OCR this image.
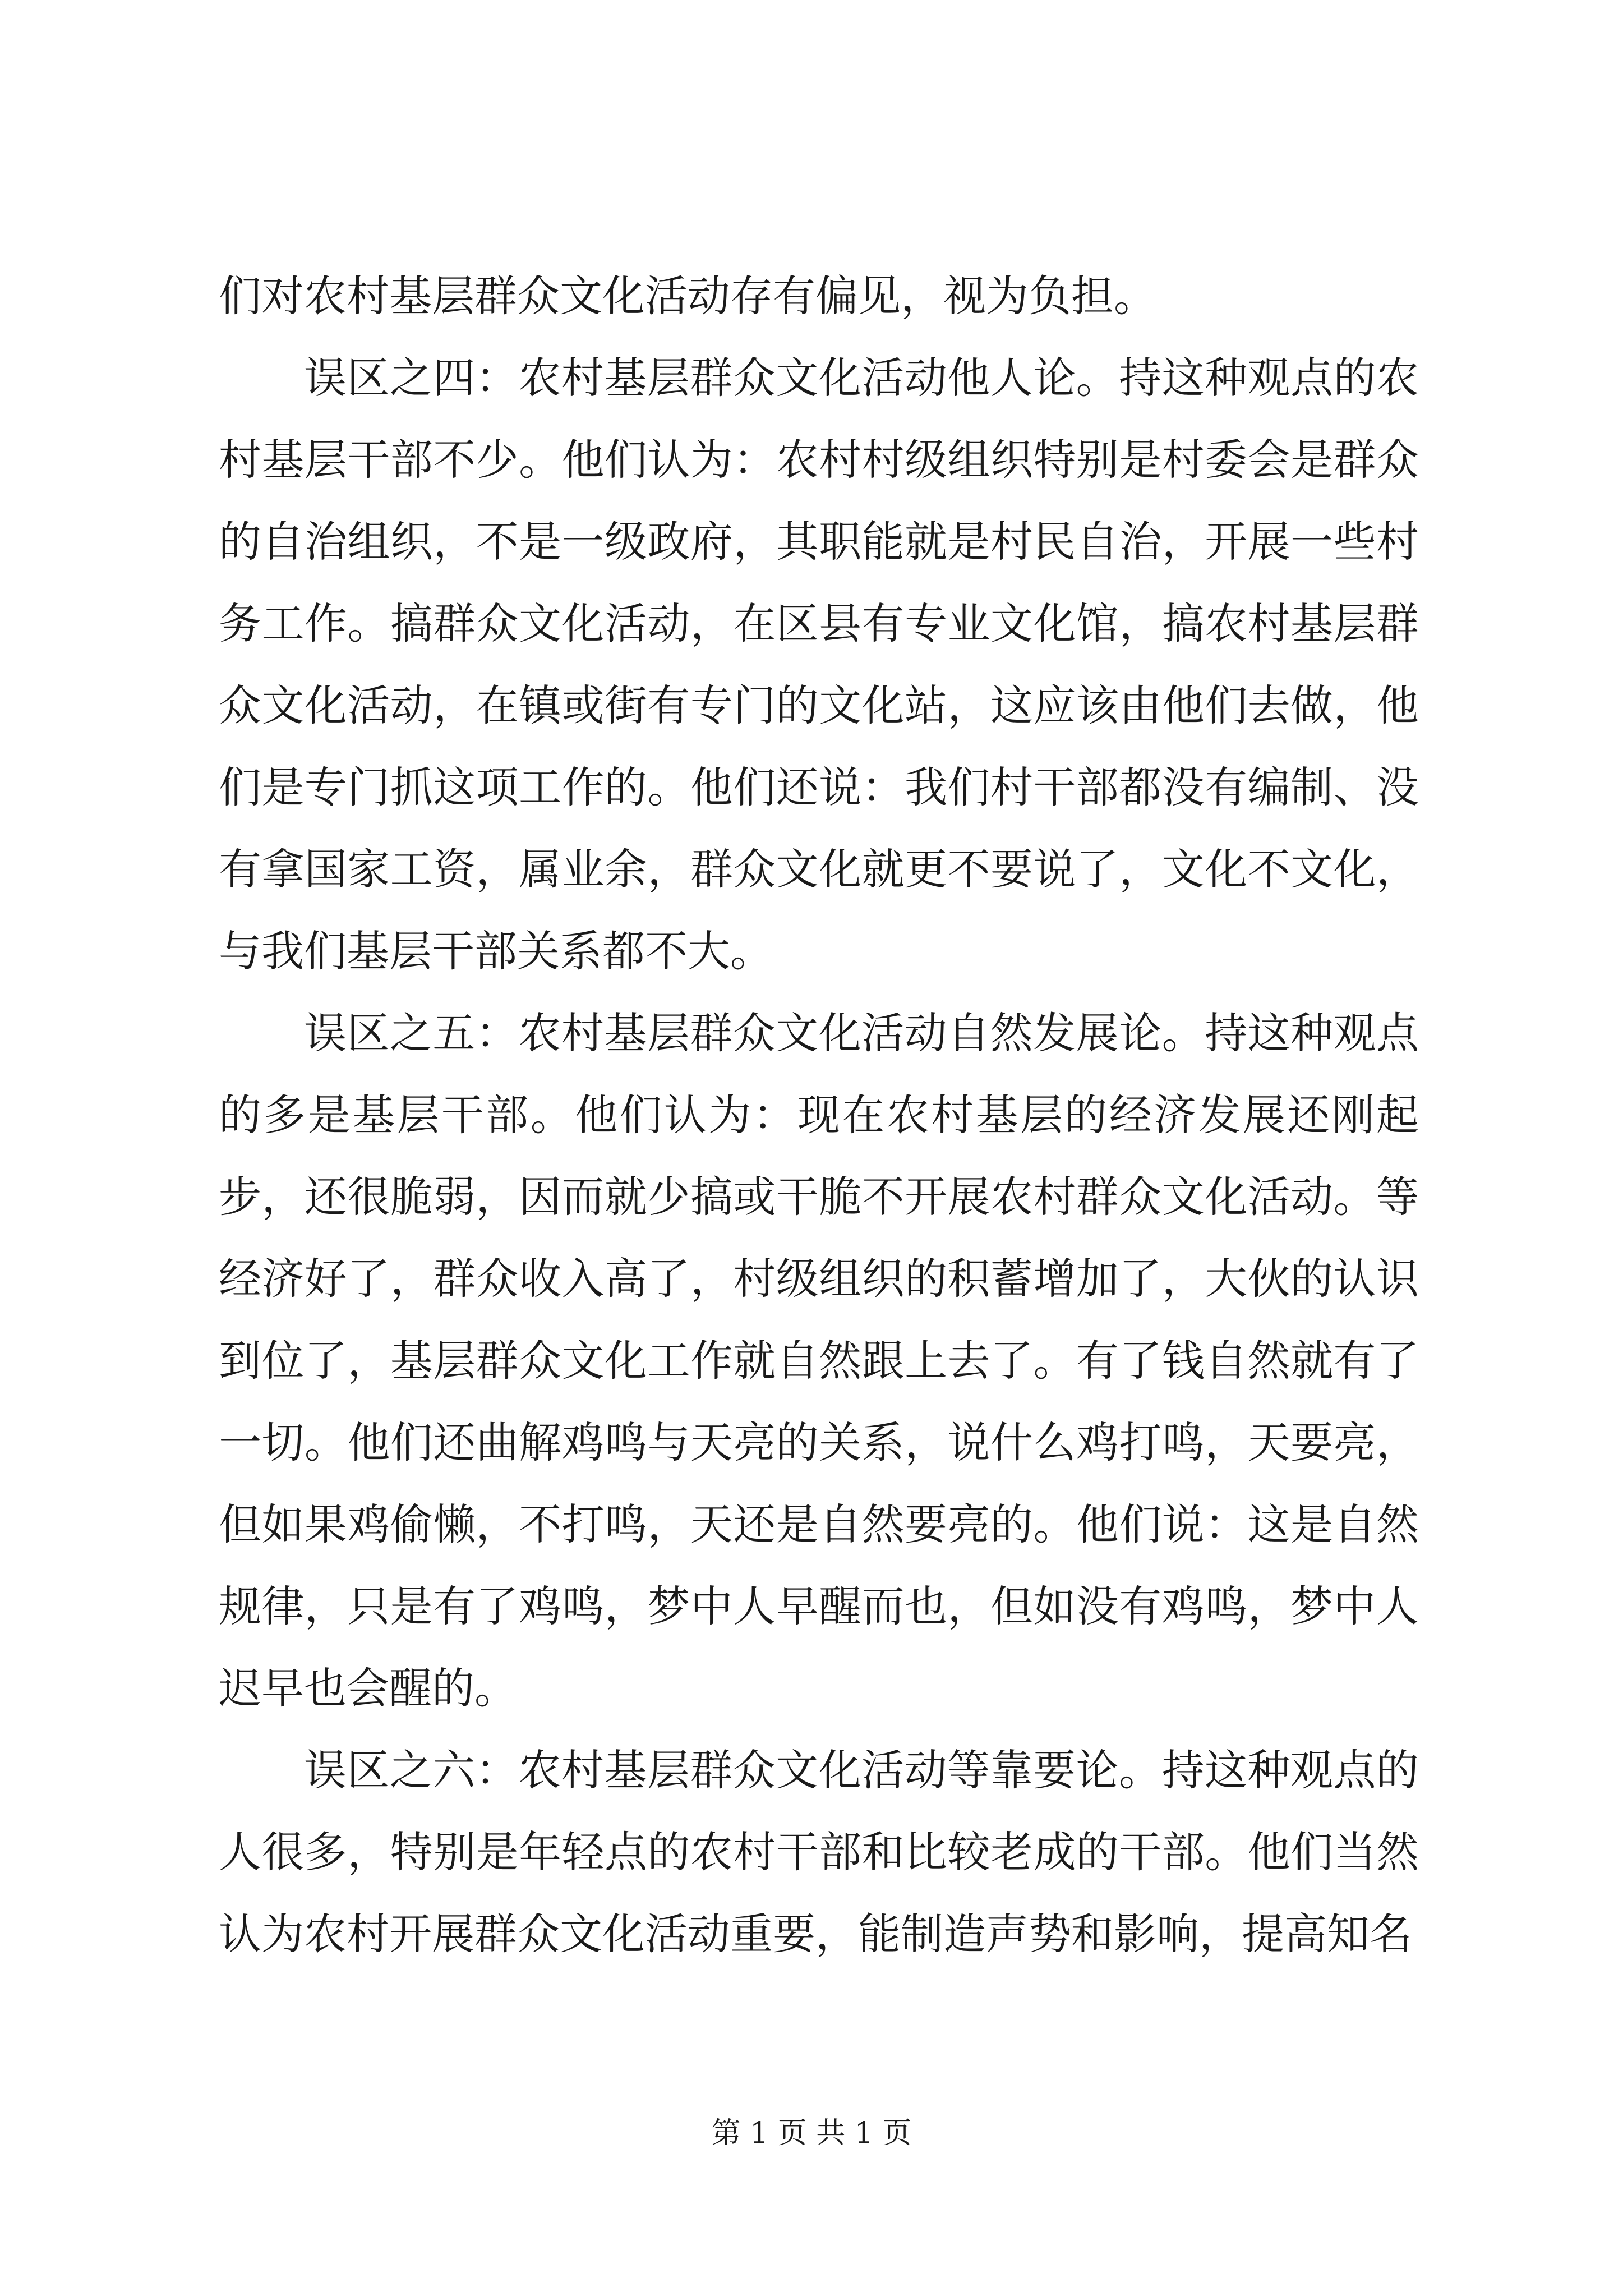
们对农村基层群众文化活动存有偏见，视为负担。

误区之四：农村基层群众文化活动他人论。持这种观点的农村基层干部不少。他们认为：农村村级组织特别是村委会是群众的自治组织，不是一级政府，其职能就是村民自治，开展一些村务工作。搞群众文化活动，在区县有专业文化馆，搞农村基层群众文化活动，在镇或街有专门的文化站，这应该由他们去做，他们是专门抓这项工作的。他们还说：我们村干部都没有编制、没有拿国家工资，属业余，群众文化就更不要说了，文化不文化，与我们基层干部关系都不大。

误区之五：农村基层群众文化活动自然发展论。持这种观点的多是基层干部。他们认为：现在农村基层的经济发展还刚起步，还很脆弱，因而就少搞或干脆不开展农村群众文化活动。等经济好了，群众收入高了，村级组织的积蓄增加了，大伙的认识到位了，基层群众文化工作就自然跟上去了。有了钱自然就有了一切。他们还曲解鸡鸣与天亮的关系，说什么鸡打鸣，天要亮，但如果鸡偷懒，不打鸣，天还是自然要亮的。他们说：这是自然规律，只是有了鸡鸣，梦中人早醒而也，但如没有鸡鸣，梦中人迟早也会醒的。

误区之六：农村基层群众文化活动等靠要论。持这种观点的人很多，特别是年轻点的农村干部和比较老成的干部。他们当然认为农村开展群众文化活动重要，能制造声势和影响，提高知名

第 1 页 共 1 页
